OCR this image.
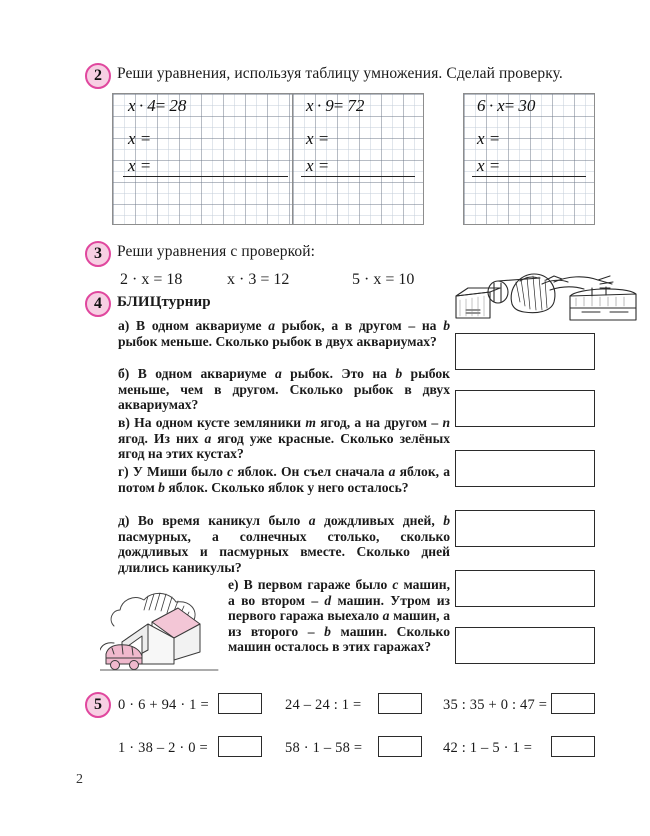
2 Реши уравнения, используя таблицу умножения. Сделай проверку.
x · 4= 28
x =
x =
x · 9= 72
x =
x =
6 · x= 30
x =
x =
3 Реши уравнения с проверкой:
2 · x = 18	x · 3 = 12	5 · x = 10
4	БЛИЦтурнир
а) В одном аквариуме a рыбок, а в другом – на b рыбок меньше. Сколько рыбок в двух аквариумах?
б) В одном аквариуме a рыбок. Это на b рыбок меньше, чем в другом. Сколько рыбок в двух аквариумах?
в) На одном кусте земляники m ягод, а на другом – n ягод. Из них a ягод уже красные. Сколько зелёных ягод на этих кустах?
г) У Миши было c яблок. Он съел сначала a яблок, а потом b яблок. Сколько яблок у него осталось?
д) Во время каникул было a дождливых дней, b пасмурных, а солнечных столько, сколько дождливых и пасмурных вместе. Сколько дней длились каникулы?
е) В первом гараже было c машин, а во втором – d машин. Утром из первого гаража выехало a машин, а из второго – b машин. Сколько машин осталось в этих гаражах?
5	0 · 6 + 94 · 1 =	24 – 24 : 1 =	35 : 35 + 0 : 47 =
1 · 38 – 2 · 0 =	58 · 1 – 58 =	42 : 1 – 5 · 1 =
2
